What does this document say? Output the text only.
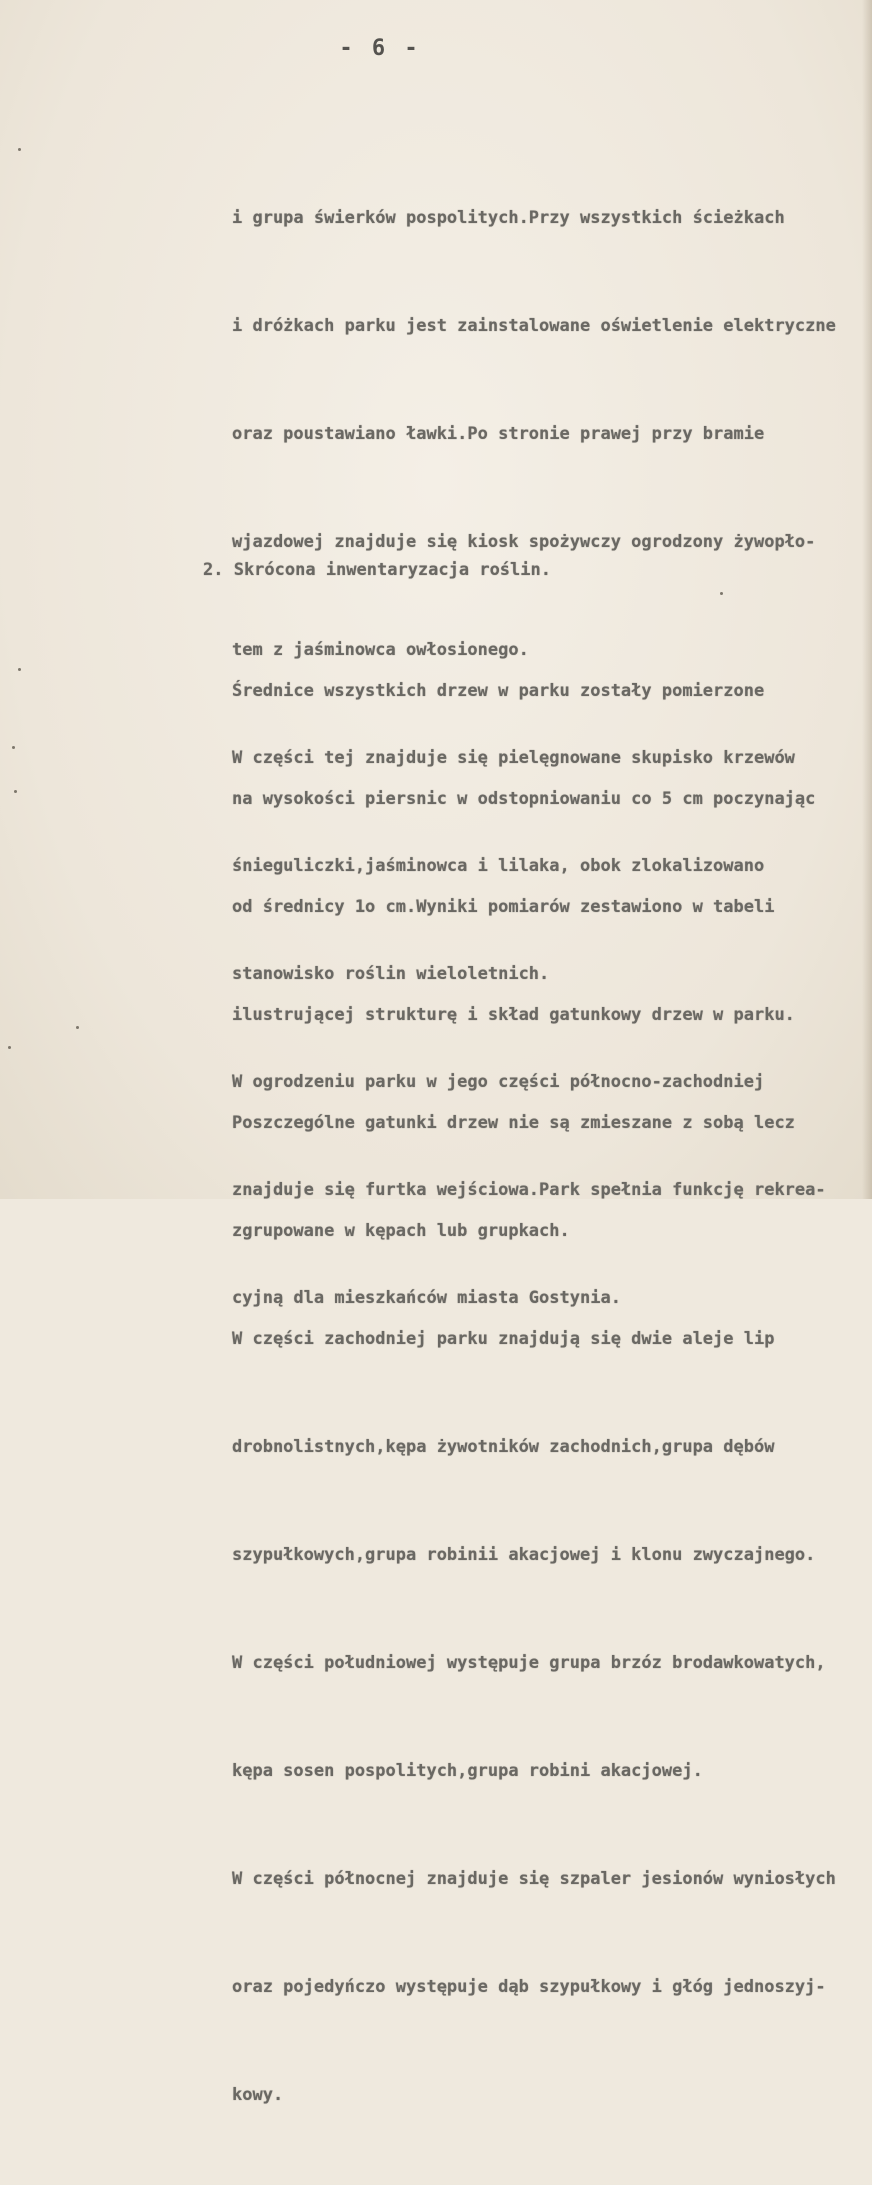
- 6 -

i grupa świerków pospolitych.Przy wszystkich ścieżkach

i dróżkach parku jest zainstalowane oświetlenie elektryczne

oraz poustawiano ławki.Po stronie prawej przy bramie

wjazdowej znajduje się kiosk spożywczy ogrodzony żywopło-

tem z jaśminowca owłosionego.

W części tej znajduje się pielęgnowane skupisko krzewów

śnieguliczki,jaśminowca i lilaka, obok zlokalizowano

stanowisko roślin wieloletnich.

W ogrodzeniu parku w jego części północno-zachodniej

znajduje się furtka wejściowa.Park spełnia funkcję rekrea-

cyjną dla mieszkańców miasta Gostynia.

2. Skrócona inwentaryzacja roślin.

Średnice wszystkich drzew w parku zostały pomierzone

na wysokości piersnic w odstopniowaniu co 5 cm poczynając

od średnicy 1o cm.Wyniki pomiarów zestawiono w tabeli

ilustrującej strukturę i skład gatunkowy drzew w parku.

Poszczególne gatunki drzew nie są zmieszane z sobą lecz

zgrupowane w kępach lub grupkach.

W części zachodniej parku znajdują się dwie aleje lip

drobnolistnych,kępa żywotników zachodnich,grupa dębów

szypułkowych,grupa robinii akacjowej i klonu zwyczajnego.

W części południowej występuje grupa brzóz brodawkowatych,

kępa sosen pospolitych,grupa robini akacjowej.

W części północnej znajduje się szpaler jesionów wyniosłych

oraz pojedyńczo występuje dąb szypułkowy i głóg jednoszyj-

kowy.
